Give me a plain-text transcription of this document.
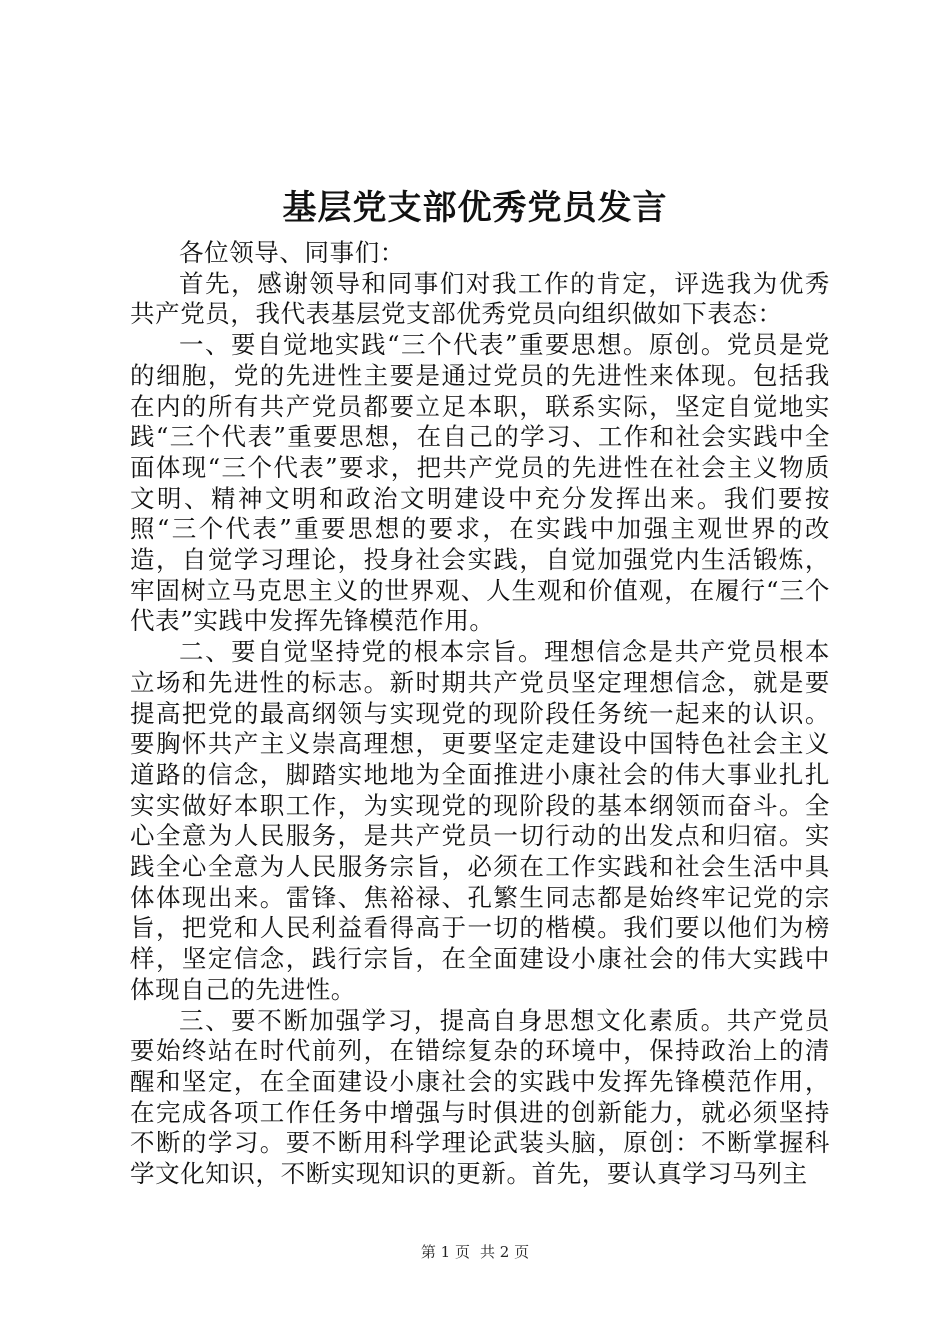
基层党支部优秀党员发言

各位领导、同事们：

首先，感谢领导和同事们对我工作的肯定，评选我为优秀共产党员，我代表基层党支部优秀党员向组织做如下表态：

一、要自觉地实践“三个代表”重要思想。原创。党员是党的细胞，党的先进性主要是通过党员的先进性来体现。包括我在内的所有共产党员都要立足本职，联系实际，坚定自觉地实践“三个代表”重要思想，在自己的学习、工作和社会实践中全面体现“三个代表”要求，把共产党员的先进性在社会主义物质文明、精神文明和政治文明建设中充分发挥出来。我们要按照“三个代表”重要思想的要求，在实践中加强主观世界的改造，自觉学习理论，投身社会实践，自觉加强党内生活锻炼，牢固树立马克思主义的世界观、人生观和价值观，在履行“三个代表”实践中发挥先锋模范作用。

二、要自觉坚持党的根本宗旨。理想信念是共产党员根本立场和先进性的标志。新时期共产党员坚定理想信念，就是要提高把党的最高纲领与实现党的现阶段任务统一起来的认识。要胸怀共产主义崇高理想，更要坚定走建设中国特色社会主义道路的信念，脚踏实地地为全面推进小康社会的伟大事业扎扎实实做好本职工作，为实现党的现阶段的基本纲领而奋斗。全心全意为人民服务，是共产党员一切行动的出发点和归宿。实践全心全意为人民服务宗旨，必须在工作实践和社会生活中具体体现出来。雷锋、焦裕禄、孔繁生同志都是始终牢记党的宗旨，把党和人民利益看得高于一切的楷模。我们要以他们为榜样，坚定信念，践行宗旨，在全面建设小康社会的伟大实践中体现自己的先进性。

三、要不断加强学习，提高自身思想文化素质。共产党员要始终站在时代前列，在错综复杂的环境中，保持政治上的清醒和坚定，在全面建设小康社会的实践中发挥先锋模范作用，在完成各项工作任务中增强与时俱进的创新能力，就必须坚持不断的学习。要不断用科学理论武装头脑，原创：不断掌握科学文化知识，不断实现知识的更新。首先，要认真学习马列主

第 1 页 共 2 页
